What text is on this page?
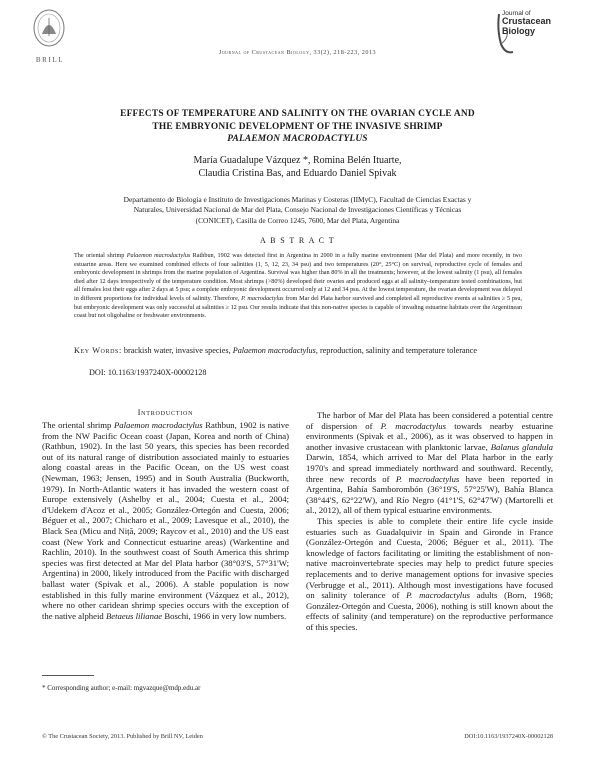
BRILL
Journal of Crustacean Biology, 33(2), 218-223, 2013
Journal of
Crustacean
Biology
EFFECTS OF TEMPERATURE AND SALINITY ON THE OVARIAN CYCLE AND
THE EMBRYONIC DEVELOPMENT OF THE INVASIVE SHRIMP
PALAEMON MACRODACTYLUS
María Guadalupe Vázquez *, Romina Belén Ituarte,
Claudia Cristina Bas, and Eduardo Daniel Spivak
Departamento de Biología e Instituto de Investigaciones Marinas y Costeras (IIMyC), Facultad de Ciencias Exactas y
Naturales, Universidad Nacional de Mar del Plata, Consejo Nacional de Investigaciones Científicas y Técnicas
(CONICET), Casilla de Correo 1245, 7600, Mar del Plata, Argentina
A B S T R A C T
The oriental shrimp Palaemon macrodactylus Rathbun, 1902 was detected first in Argentina in 2000 in a fully marine environment (Mar del Plata) and more recently, in two estuarine areas. Here we examined combined effects of four salinities (1, 5, 12, 23, 34 psu) and two temperatures (20°, 25°C) on survival, reproductive cycle of females and embryonic development in shrimps from the marine population of Argentina. Survival was higher than 80% in all the treatments; however, at the lowest salinity (1 psu), all females died after 12 days irrespectively of the temperature condition. Most shrimps (>80%) developed their ovaries and produced eggs at all salinity–temperature tested combinations, but all females lost their eggs after 2 days at 5 psu; a complete embryonic development occurred only at 12 and 34 psu. At the lowest temperature, the ovarian development was delayed in different proportions for individual levels of salinity. Therefore, P. macrodactylus from Mar del Plata harbor survived and completed all reproductive events at salinities ≥ 5 psu, but embryonic development was only successful at salinities ≥ 12 psu. Our results indicate that this non-native species is capable of invading estuarine habitats over the Argentinean coast but not oligohaline or freshwater environments.
Key Words: brackish water, invasive species, Palaemon macrodactylus, reproduction, salinity and temperature tolerance
DOI: 10.1163/1937240X-00002128
Introduction

The oriental shrimp Palaemon macrodactylus Rathbun, 1902 is native from the NW Pacific Ocean coast (Japan, Korea and north of China) (Rathbun, 1902). In the last 50 years, this species has been recorded out of its natural range of distribution associated mainly to estuaries along coastal areas in the Pacific Ocean, on the US west coast (Newman, 1963; Jensen, 1995) and in South Australia (Buckworth, 1979). In North-Atlantic waters it has invaded the western coast of Europe extensively (Ashelby et al., 2004; Cuesta et al., 2004; d'Udekem d'Acoz et al., 2005; González-Ortegón and Cuesta, 2006; Béguer et al., 2007; Chicharo et al., 2009; Lavesque et al., 2010), the Black Sea (Micu and Niță, 2009; Raycov et al., 2010) and the US east coast (New York and Connecticut estuarine areas) (Warkentine and Rachlin, 2010). In the southwest coast of South America this shrimp species was first detected at Mar del Plata harbor (38°03'S, 57°31'W; Argentina) in 2000, likely introduced from the Pacific with discharged ballast water (Spivak et al., 2006). A stable population is now established in this fully marine environment (Vázquez et al., 2012), where no other caridean shrimp species occurs with the exception of the native alpheid Betaeus lilianae Boschi, 1966 in very low numbers.

The harbor of Mar del Plata has been considered a potential centre of dispersion of P. macrodactylus towards nearby estuarine environments (Spivak et al., 2006), as it was observed to happen in another invasive crustacean with planktonic larvae, Balanus glandula Darwin, 1854, which arrived to Mar del Plata harbor in the early 1970's and spread immediately northward and southward. Recently, three new records of P. macrodactylus have been reported in Argentina, Bahía Samborombón (36°19'S, 57°25'W), Bahía Blanca (38°44'S, 62°22'W), and Río Negro (41°1'S, 62°47'W) (Martorelli et al., 2012), all of them typical estuarine environments.

This species is able to complete their entire life cycle inside estuaries such as Guadalquivir in Spain and Gironde in France (González-Ortegón and Cuesta, 2006; Béguer et al., 2011). The knowledge of factors facilitating or limiting the establishment of non-native macroinvertebrate species may help to predict future species replacements and to derive management options for invasive species (Verbrugge et al., 2011). Although most investigations have focused on salinity tolerance of P. macrodactylus adults (Born, 1968; González-Ortegón and Cuesta, 2006), nothing is still known about the effects of salinity (and temperature) on the reproductive performance of this species.

* Corresponding author; e-mail: mgvazque@mdp.edu.ar
© The Crustacean Society, 2013. Published by Brill NV, Leiden	DOI:10.1163/1937240X-00002128
